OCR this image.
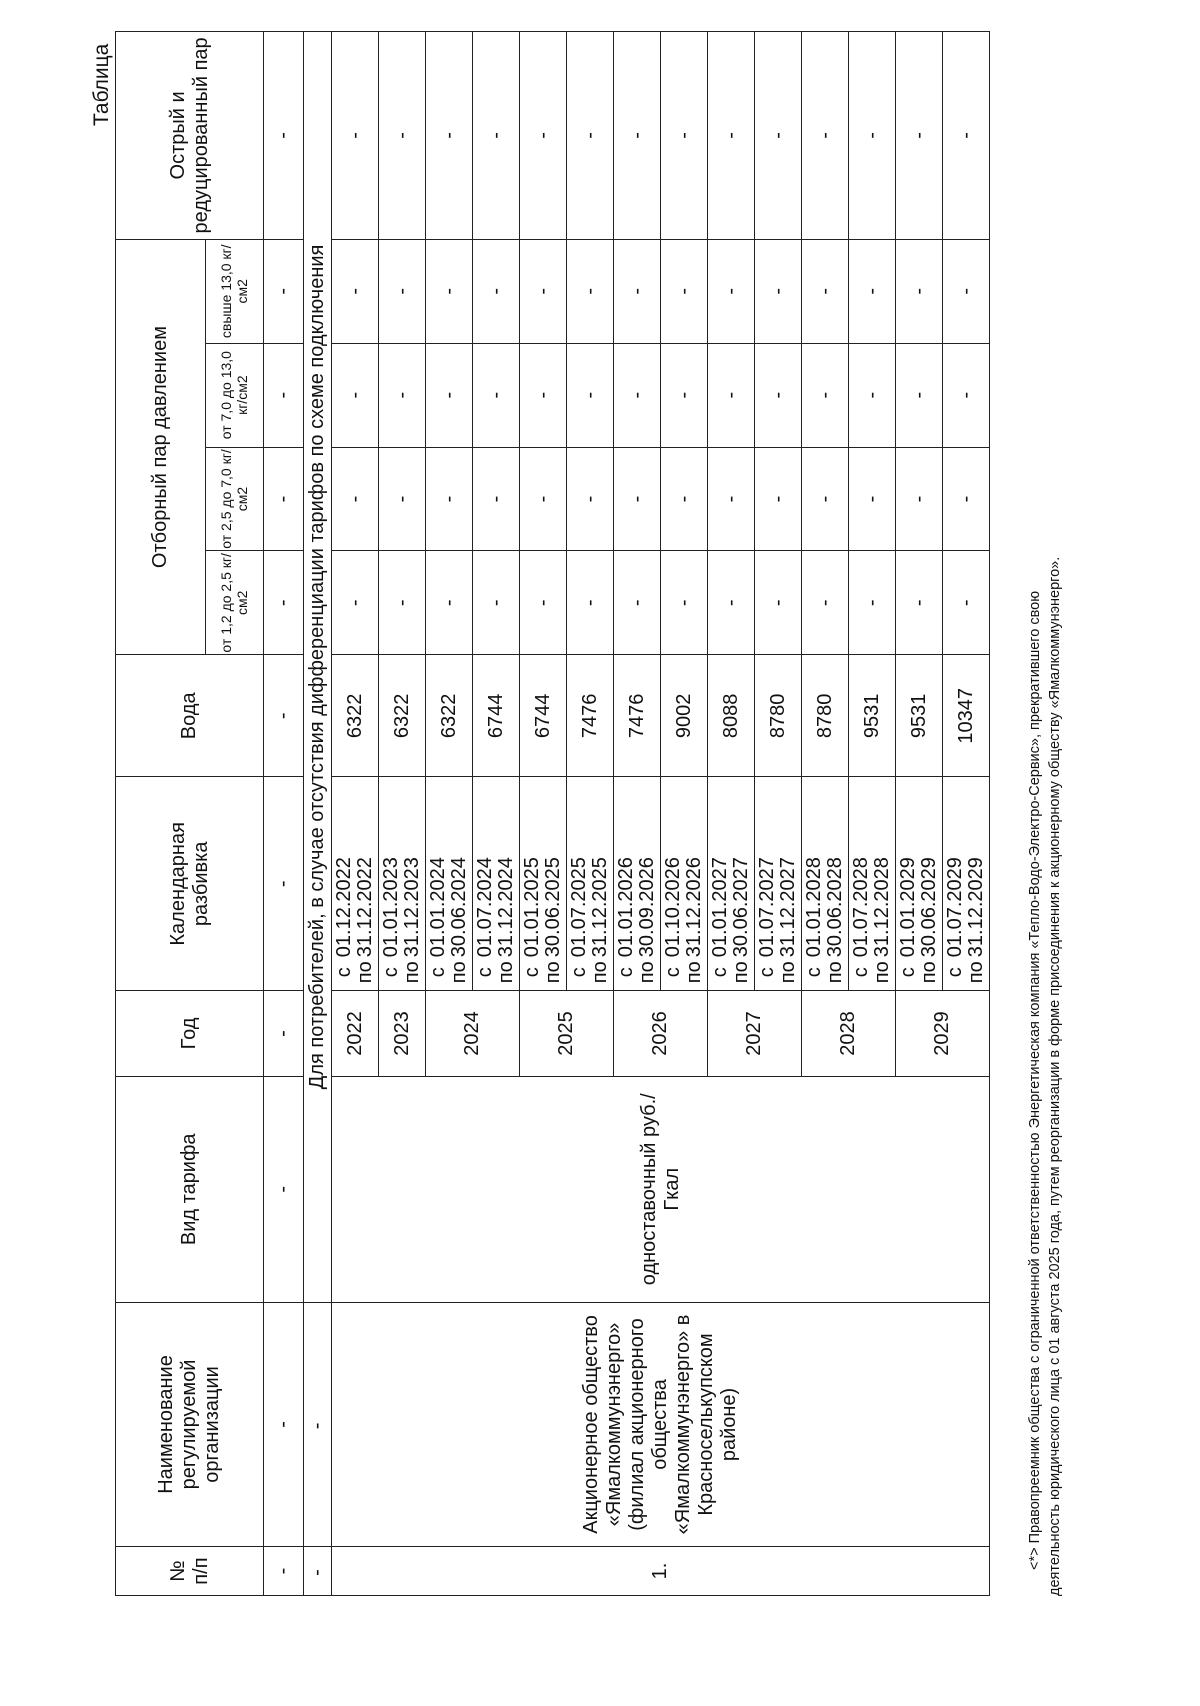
Таблица
№ п/п	Наименование регулируемой организации	Вид тарифа	Год	Календарная разбивка	Вода	Отборный пар давлением				Острый и редуцированный пар
						от 1,2 до 2,5 кг/см2	от 2,5 до 7,0 кг/см2	от 7,0 до 13,0 кг/см2	свыше 13,0 кг/см2	
-	-	-	-	-	-	-	-	-	-	-
-	-	Для потребителей, в случае отсутствия дифференциации тарифов по схеме подключения								
1.	Акционерное общество «Ямалкоммунэнерго» (филиал акционерного общества «Ямалкоммунэнерго» в Красноселькупском районе)	одноставочный руб./Гкал	2022	с
01.12.2022
по
31.12.2022	6322	-	-	-	-	-
			2023	с
01.01.2023
по
31.12.2023	6322	-	-	-	-	-
			2024	с
01.01.2024
по
30.06.2024	6322	-	-	-	-	-

				с
01.07.2024
по
31.12.2024	6744	-	-	-	-	-
			2025	с
01.01.2025
по
30.06.2025	6744	-	-	-	-	-

				с
01.07.2025
по
31.12.2025	7476	-	-	-	-	-
			2026	с
01.01.2026
по
30.09.2026	7476	-	-	-	-	-

				с
01.10.2026
по
31.12.2026	9002	-	-	-	-	-
			2027	с
01.01.2027
по
30.06.2027	8088	-	-	-	-	-

				с
01.07.2027
по
31.12.2027	8780	-	-	-	-	-
			2028	с
01.01.2028
по
30.06.2028	8780	-	-	-	-	-

				с
01.07.2028
по
31.12.2028	9531	-	-	-	-	-
			2029	с
01.01.2029
по
30.06.2029	9531	-	-	-	-	-

				с
01.07.2029
по
31.12.2029	10347	-	-	-	-	-
<*> Правопреемник общества с ограниченной ответственностью Энергетическая компания «Тепло-Водо-Электро-Сервис», прекратившего свою деятельность юридического лица с 01 августа 2025 года, путем реорганизации в форме присоединения к акционерному обществу «Ямалкоммунэнерго».
